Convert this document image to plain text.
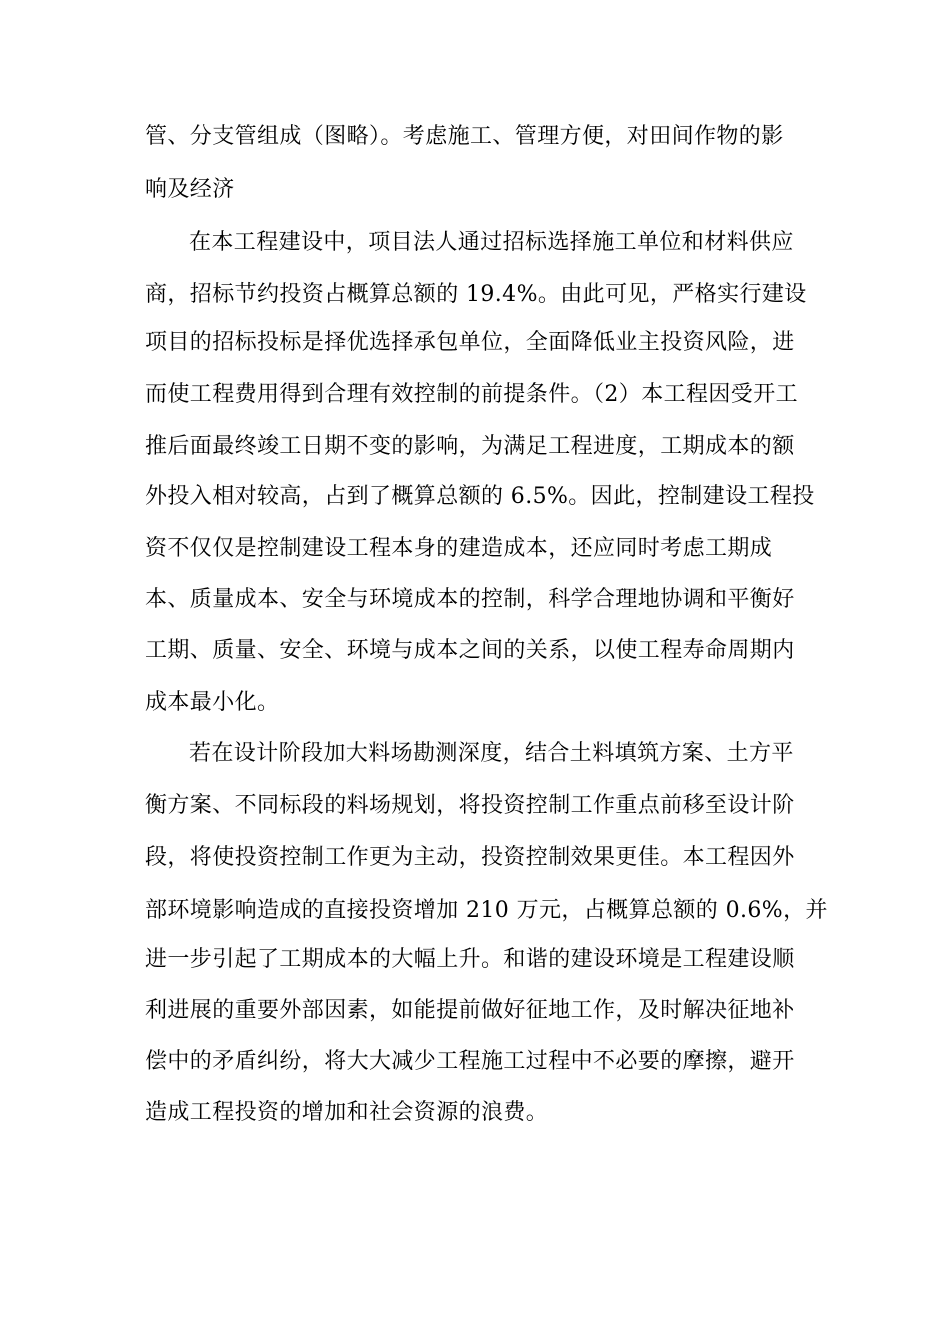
管、分支管组成（图略）。考虑施工、管理方便，对田间作物的影
响及经济
在本工程建设中，项目法人通过招标选择施工单位和材料供应
商，招标节约投资占概算总额的 19.4%。由此可见，严格实行建设
项目的招标投标是择优选择承包单位，全面降低业主投资风险，进
而使工程费用得到合理有效控制的前提条件。（2）本工程因受开工
推后面最终竣工日期不变的影响，为满足工程进度，工期成本的额
外投入相对较高，占到了概算总额的 6.5%。因此，控制建设工程投
资不仅仅是控制建设工程本身的建造成本，还应同时考虑工期成
本、质量成本、安全与环境成本的控制，科学合理地协调和平衡好
工期、质量、安全、环境与成本之间的关系，以使工程寿命周期内
成本最小化。
若在设计阶段加大料场勘测深度，结合土料填筑方案、土方平
衡方案、不同标段的料场规划，将投资控制工作重点前移至设计阶
段，将使投资控制工作更为主动，投资控制效果更佳。本工程因外
部环境影响造成的直接投资增加 210 万元，占概算总额的 0.6%，并
进一步引起了工期成本的大幅上升。和谐的建设环境是工程建设顺
利进展的重要外部因素，如能提前做好征地工作，及时解决征地补
偿中的矛盾纠纷，将大大减少工程施工过程中不必要的摩擦，避开
造成工程投资的增加和社会资源的浪费。
